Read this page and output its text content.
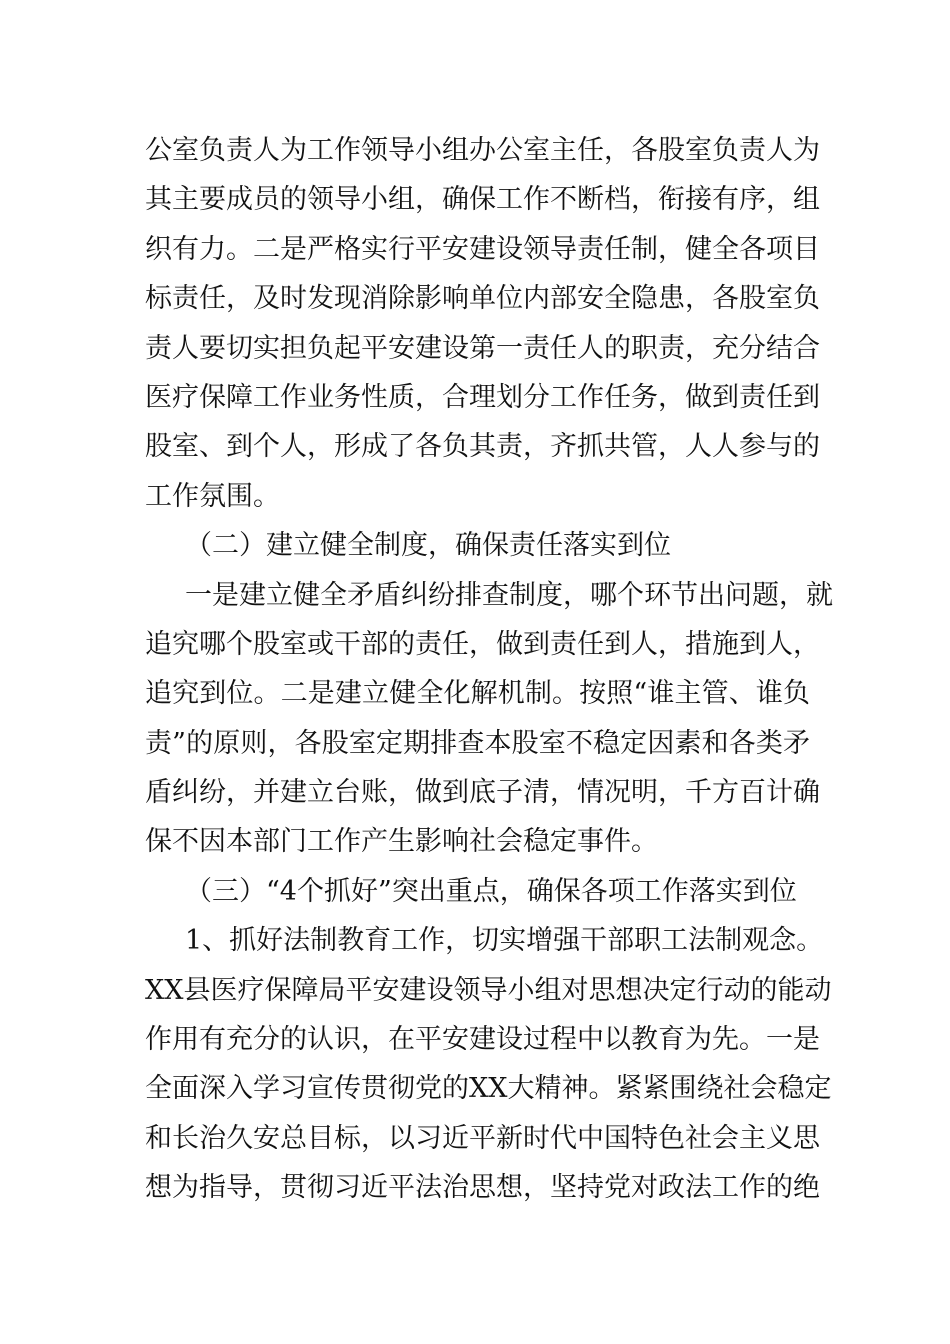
公室负责人为工作领导小组办公室主任，各股室负责人为
其主要成员的领导小组，确保工作不断档，衔接有序，组
织有力。二是严格实行平安建设领导责任制，健全各项目
标责任，及时发现消除影响单位内部安全隐患，各股室负
责人要切实担负起平安建设第一责任人的职责，充分结合
医疗保障工作业务性质，合理划分工作任务，做到责任到
股室、到个人，形成了各负其责，齐抓共管，人人参与的
工作氛围。
（二）建立健全制度，确保责任落实到位
一是建立健全矛盾纠纷排查制度，哪个环节出问题，就
追究哪个股室或干部的责任，做到责任到人，措施到人，
追究到位。二是建立健全化解机制。按照“谁主管、谁负
责”的原则，各股室定期排查本股室不稳定因素和各类矛
盾纠纷，并建立台账，做到底子清，情况明，千方百计确
保不因本部门工作产生影响社会稳定事件。
（三）“4个抓好”突出重点，确保各项工作落实到位
1、抓好法制教育工作，切实增强干部职工法制观念。
XX县医疗保障局平安建设领导小组对思想决定行动的能动
作用有充分的认识，在平安建设过程中以教育为先。一是
全面深入学习宣传贯彻党的XX大精神。紧紧围绕社会稳定
和长治久安总目标，以习近平新时代中国特色社会主义思
想为指导，贯彻习近平法治思想，坚持党对政法工作的绝
